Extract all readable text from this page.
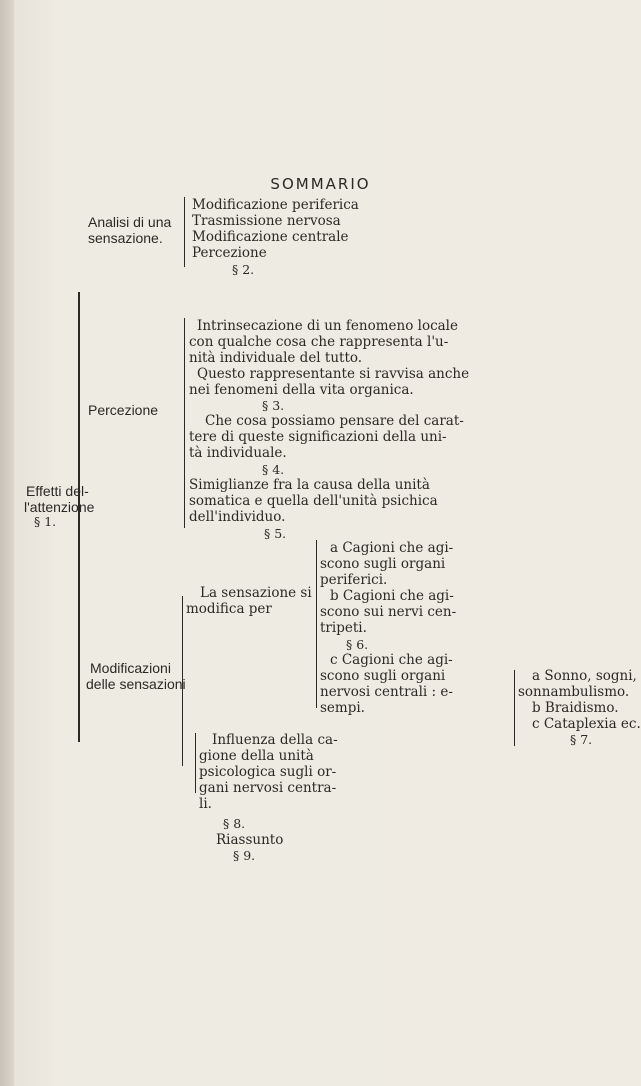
SOMMARIO
Analisi di una
sensazione.
Modificazione periferica
Trasmissione nervosa
Modificazione centrale
Percezione
§ 2.
Effetti del-
l'attenzione
§ 1.
Percezione
Intrinsecazione di un fenomeno locale
con qualche cosa che rappresenta l'u-
nità individuale del tutto.
Questo rappresentante si ravvisa anche
nei fenomeni della vita organica.
§ 3.
Che cosa possiamo pensare del carat-
tere di queste significazioni della uni-
tà individuale.
§ 4.
Simiglianze fra la causa della unità
somatica e quella dell'unità psichica
dell'individuo.
§ 5.
Modificazioni
delle sensazioni
La sensazione si
modifica per
a Cagioni che agi-
scono sugli organi
periferici.
b Cagioni che agi-
scono sui nervi cen-
tripeti.
§ 6.
c Cagioni che agi-
scono sugli organi
nervosi centrali : e-
sempi.
a Sonno, sogni,
sonnambulismo.
b Braidismo.
c Cataplеxia ec.
§ 7.
Influenza della ca-
gione della unità
psicologica sugli or-
gani nervosi centra-
li.
§ 8.
Riassunto
§ 9.
